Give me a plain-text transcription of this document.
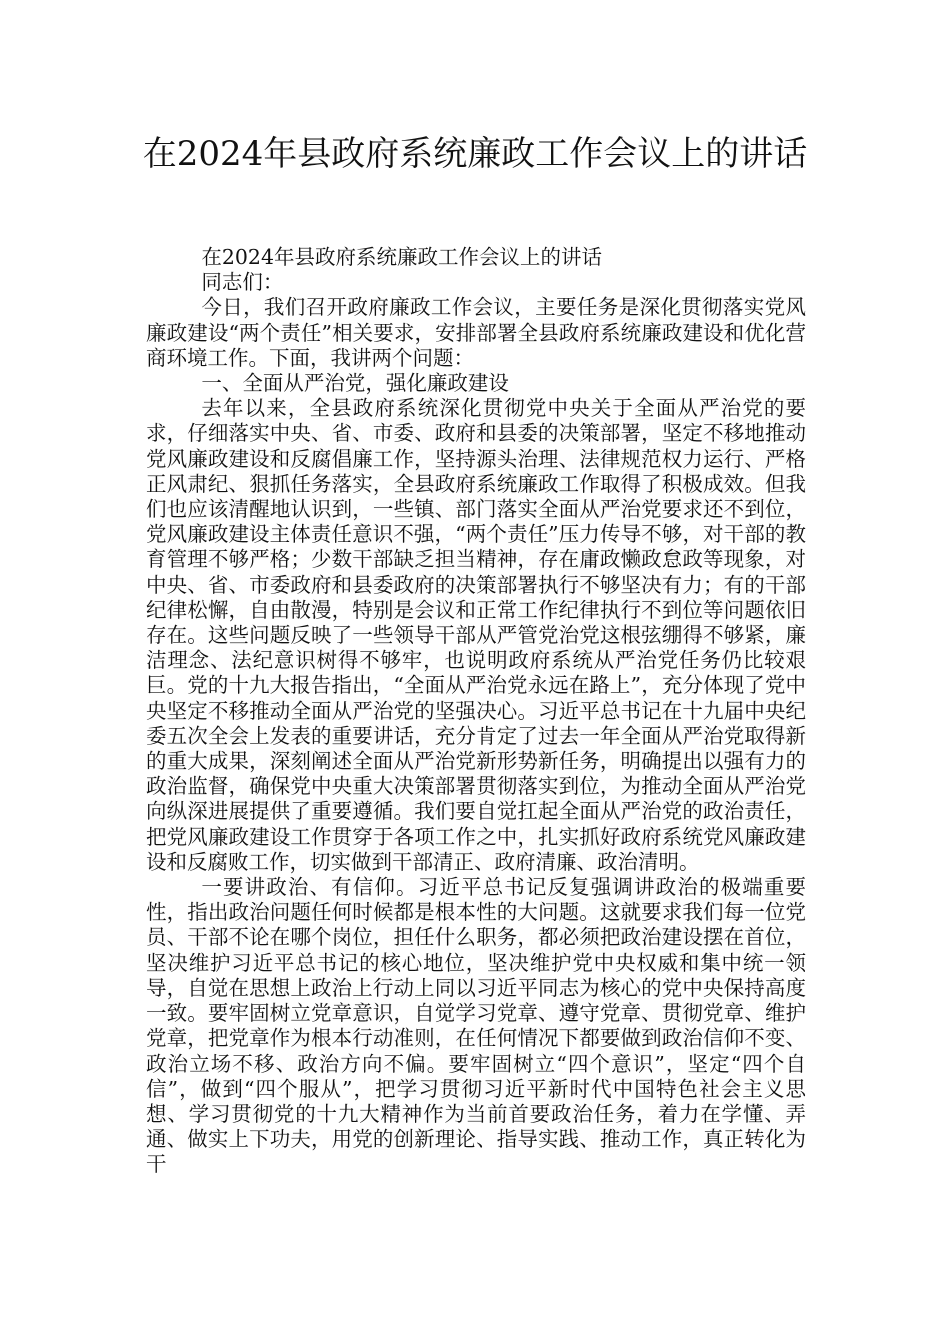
在2024年县政府系统廉政工作会议上的讲话

在2024年县政府系统廉政工作会议上的讲话

同志们：

今日，我们召开政府廉政工作会议，主要任务是深化贯彻落实党风廉政建设“两个责任”相关要求，安排部署全县政府系统廉政建设和优化营商环境工作。下面，我讲两个问题：

一、全面从严治党，强化廉政建设

去年以来，全县政府系统深化贯彻党中央关于全面从严治党的要求，仔细落实中央、省、市委、政府和县委的决策部署，坚定不移地推动党风廉政建设和反腐倡廉工作，坚持源头治理、法律规范权力运行、严格正风肃纪、狠抓任务落实，全县政府系统廉政工作取得了积极成效。但我们也应该清醒地认识到，一些镇、部门落实全面从严治党要求还不到位，党风廉政建设主体责任意识不强，“两个责任”压力传导不够，对干部的教育管理不够严格；少数干部缺乏担当精神，存在庸政懒政怠政等现象，对中央、省、市委政府和县委政府的决策部署执行不够坚决有力；有的干部纪律松懈，自由散漫，特别是会议和正常工作纪律执行不到位等问题依旧存在。这些问题反映了一些领导干部从严管党治党这根弦绷得不够紧，廉洁理念、法纪意识树得不够牢，也说明政府系统从严治党任务仍比较艰巨。党的十九大报告指出，“全面从严治党永远在路上”，充分体现了党中央坚定不移推动全面从严治党的坚强决心。习近平总书记在十九届中央纪委五次全会上发表的重要讲话，充分肯定了过去一年全面从严治党取得新的重大成果，深刻阐述全面从严治党新形势新任务，明确提出以强有力的政治监督，确保党中央重大决策部署贯彻落实到位，为推动全面从严治党向纵深进展提供了重要遵循。我们要自觉扛起全面从严治党的政治责任，把党风廉政建设工作贯穿于各项工作之中，扎实抓好政府系统党风廉政建设和反腐败工作，切实做到干部清正、政府清廉、政治清明。

一要讲政治、有信仰。习近平总书记反复强调讲政治的极端重要性，指出政治问题任何时候都是根本性的大问题。这就要求我们每一位党员、干部不论在哪个岗位，担任什么职务，都必须把政治建设摆在首位，坚决维护习近平总书记的核心地位，坚决维护党中央权威和集中统一领导，自觉在思想上政治上行动上同以习近平同志为核心的党中央保持高度一致。要牢固树立党章意识，自觉学习党章、遵守党章、贯彻党章、维护党章，把党章作为根本行动准则，在任何情况下都要做到政治信仰不变、政治立场不移、政治方向不偏。要牢固树立“四个意识”，坚定“四个自信”，做到“四个服从”，把学习贯彻习近平新时代中国特色社会主义思想、学习贯彻党的十九大精神作为当前首要政治任务，着力在学懂、弄通、做实上下功夫，用党的创新理论、指导实践、推动工作，真正转化为干
